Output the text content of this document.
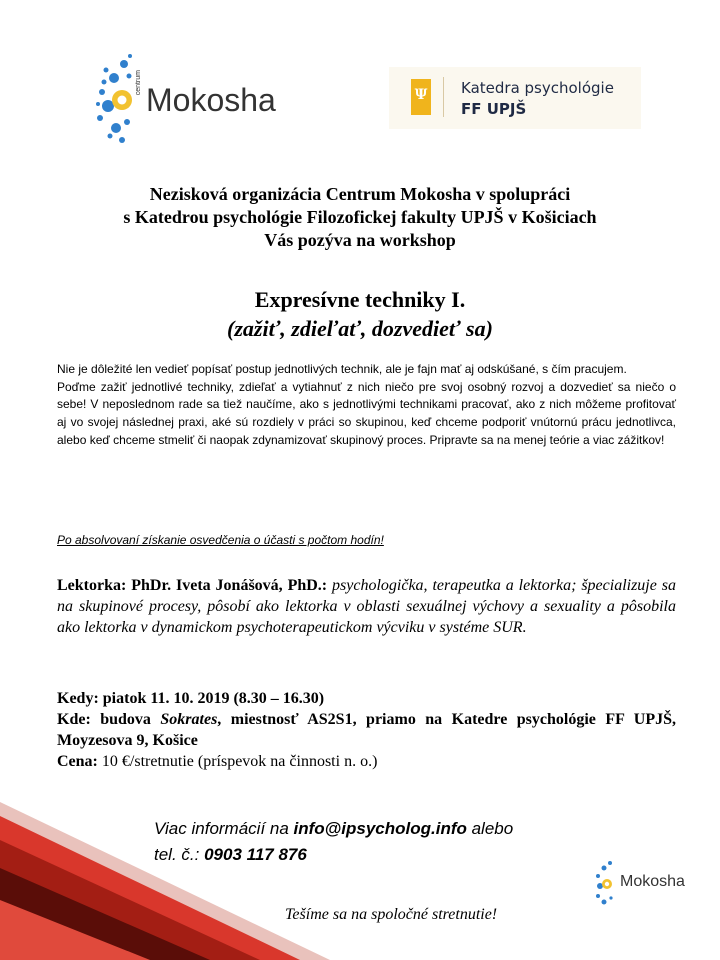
centrum Mokosha	Ψ Katedra psychológie
FF UPJŠ
Nezisková organizácia Centrum Mokosha v spolupráci
s Katedrou psychológie Filozofickej fakulty UPJŠ v Košiciach
Vás pozýva na workshop
Expresívne techniky I.
(zažiť, zdieľať, dozvedieť sa)
Nie je dôležité len vedieť popísať postup jednotlivých technik, ale je fajn mať aj odskúšané, s čím pracujem.
Poďme zažiť jednotlivé techniky, zdieľať a vytiahnuť z nich niečo pre svoj osobný rozvoj a dozvedieť sa niečo o sebe! V neposlednom rade sa tiež naučíme, ako s jednotlivými technikami pracovať, ako z nich môžeme profitovať aj vo svojej následnej praxi, aké sú rozdiely v práci so skupinou, keď chceme podporiť vnútornú prácu jednotlivca, alebo keď chceme stmeliť či naopak zdynamizovať skupinový proces. Pripravte sa na menej teórie a viac zážitkov!
Po absolvovaní získanie osvedčenia o účasti s počtom hodín!
Lektorka: PhDr. Iveta Jonášová, PhD.: psychologička, terapeutka a lektorka; špecializuje sa na skupinové procesy, pôsobí ako lektorka v oblasti sexuálnej výchovy a sexuality a pôsobila ako lektorka v dynamickom psychoterapeutickom výcviku v systéme SUR.
Kedy: piatok 11. 10. 2019 (8.30 – 16.30)
Kde: budova Sokrates, miestnosť AS2S1, priamo na Katedre psychológie FF UPJŠ, Moyzesova 9, Košice
Cena: 10 €/stretnutie (príspevok na činnosti n. o.)
Viac informácií na info@ipsycholog.info alebo
tel. č.: 0903 117 876
Mokosha
Tešíme sa na spoločné stretnutie!
